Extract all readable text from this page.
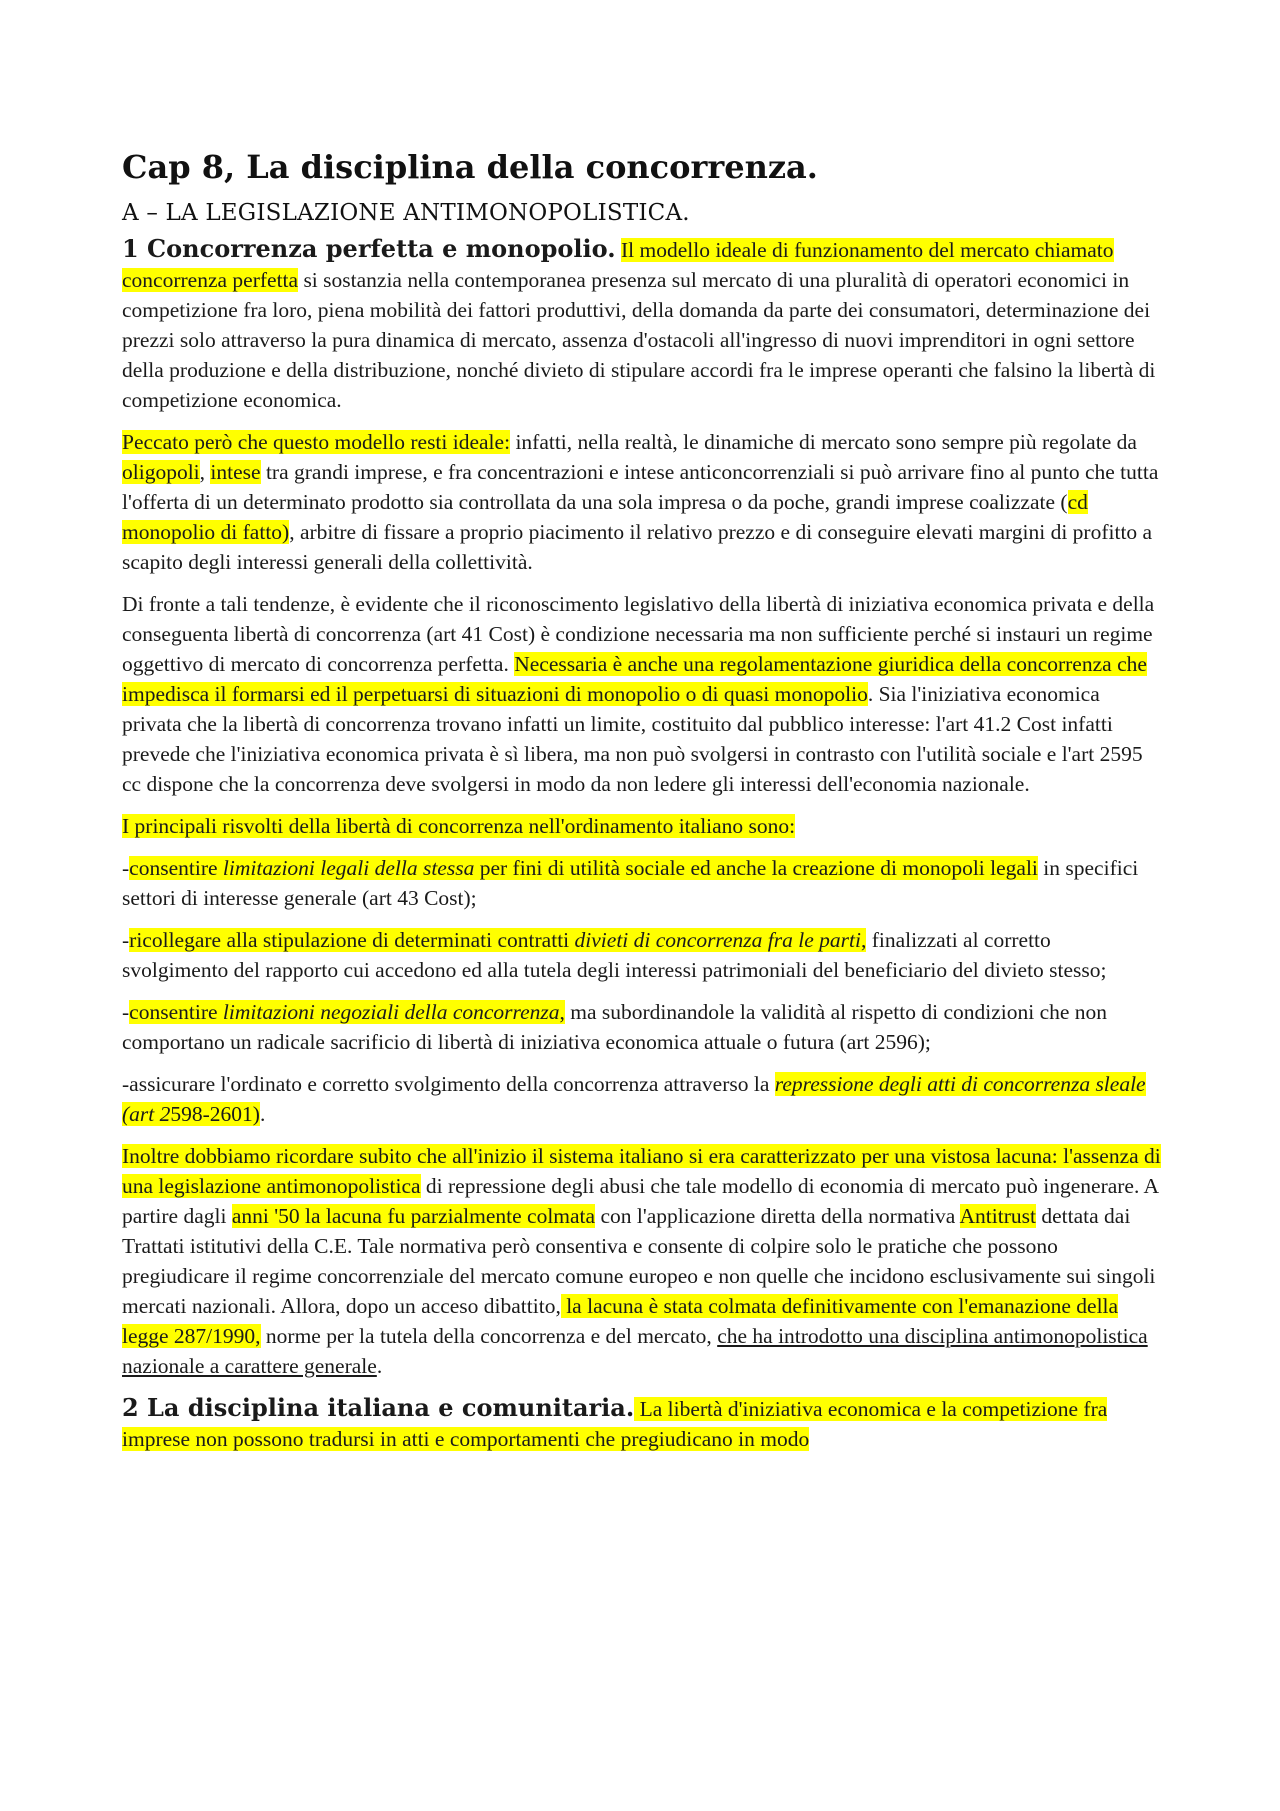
Cap 8, La disciplina della concorrenza.
A – LA LEGISLAZIONE ANTIMONOPOLISTICA.

1 Concorrenza perfetta e monopolio. Il modello ideale di funzionamento del mercato chiamato concorrenza perfetta si sostanzia nella contemporanea presenza sul mercato di una pluralità di operatori economici in competizione fra loro, piena mobilità dei fattori produttivi, della domanda da parte dei consumatori, determinazione dei prezzi solo attraverso la pura dinamica di mercato, assenza d'ostacoli all'ingresso di nuovi imprenditori in ogni settore della produzione e della distribuzione, nonché divieto di stipulare accordi fra le imprese operanti che falsino la libertà di competizione economica.

Peccato però che questo modello resti ideale: infatti, nella realtà, le dinamiche di mercato sono sempre più regolate da oligopoli, intese tra grandi imprese, e fra concentrazioni e intese anticoncorrenziali si può arrivare fino al punto che tutta l'offerta di un determinato prodotto sia controllata da una sola impresa o da poche, grandi imprese coalizzate (cd monopolio di fatto), arbitre di fissare a proprio piacimento il relativo prezzo e di conseguire elevati margini di profitto a scapito degli interessi generali della collettività.

Di fronte a tali tendenze, è evidente che il riconoscimento legislativo della libertà di iniziativa economica privata e della conseguenta libertà di concorrenza (art 41 Cost) è condizione necessaria ma non sufficiente perché si instauri un regime oggettivo di mercato di concorrenza perfetta. Necessaria è anche una regolamentazione giuridica della concorrenza che impedisca il formarsi ed il perpetuarsi di situazioni di monopolio o di quasi monopolio. Sia l'iniziativa economica privata che la libertà di concorrenza trovano infatti un limite, costituito dal pubblico interesse: l'art 41.2 Cost infatti prevede che l'iniziativa economica privata è sì libera, ma non può svolgersi in contrasto con l'utilità sociale e l'art 2595 cc dispone che la concorrenza deve svolgersi in modo da non ledere gli interessi dell'economia nazionale.

I principali risvolti della libertà di concorrenza nell'ordinamento italiano sono:

-consentire limitazioni legali della stessa per fini di utilità sociale ed anche la creazione di monopoli legali in specifici settori di interesse generale (art 43 Cost);

-ricollegare alla stipulazione di determinati contratti divieti di concorrenza fra le parti, finalizzati al corretto svolgimento del rapporto cui accedono ed alla tutela degli interessi patrimoniali del beneficiario del divieto stesso;

-consentire limitazioni negoziali della concorrenza, ma subordinandole la validità al rispetto di condizioni che non comportano un radicale sacrificio di libertà di iniziativa economica attuale o futura (art 2596);

-assicurare l'ordinato e corretto svolgimento della concorrenza attraverso la repressione degli atti di concorrenza sleale (art 2598-2601).

Inoltre dobbiamo ricordare subito che all'inizio il sistema italiano si era caratterizzato per una vistosa lacuna: l'assenza di una legislazione antimonopolistica di repressione degli abusi che tale modello di economia di mercato può ingenerare. A partire dagli anni '50 la lacuna fu parzialmente colmata con l'applicazione diretta della normativa Antitrust dettata dai Trattati istitutivi della C.E. Tale normativa però consentiva e consente di colpire solo le pratiche che possono pregiudicare il regime concorrenziale del mercato comune europeo e non quelle che incidono esclusivamente sui singoli mercati nazionali. Allora, dopo un acceso dibattito, la lacuna è stata colmata definitivamente con l'emanazione della legge 287/1990, norme per la tutela della concorrenza e del mercato, che ha introdotto una disciplina antimonopolistica nazionale a carattere generale.

2 La disciplina italiana e comunitaria. La libertà d'iniziativa economica e la competizione fra imprese non possono tradursi in atti e comportamenti che pregiudicano in modo
